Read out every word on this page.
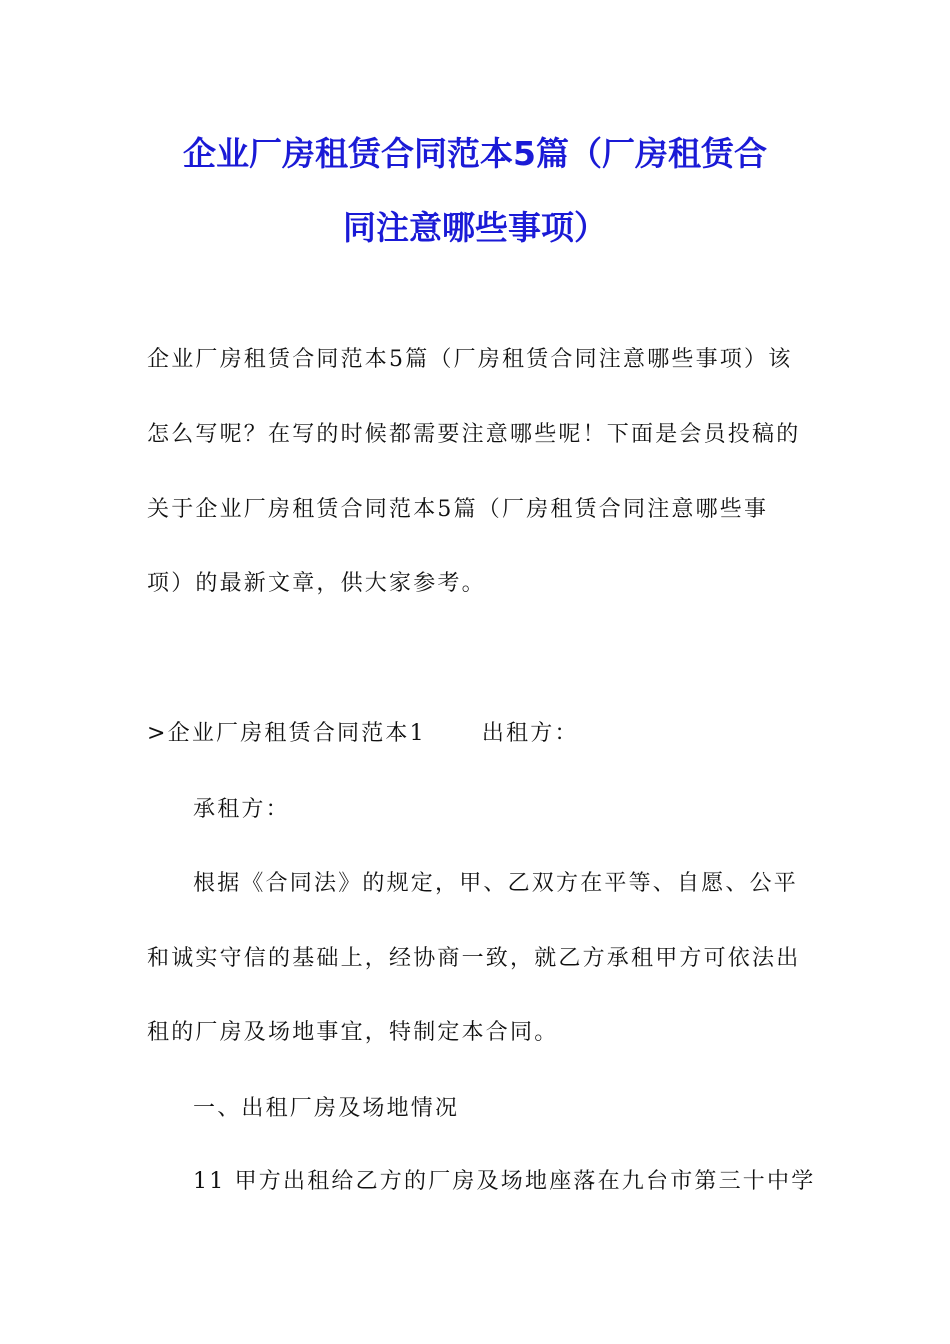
企业厂房租赁合同范本5篇（厂房租赁合
同注意哪些事项）
企业厂房租赁合同范本5篇（厂房租赁合同注意哪些事项）该
怎么写呢？在写的时候都需要注意哪些呢！下面是会员投稿的
关于企业厂房租赁合同范本5篇（厂房租赁合同注意哪些事
项）的最新文章，供大家参考。
>企业厂房租赁合同范本1	出租方：
承租方：
根据《合同法》的规定，甲、乙双方在平等、自愿、公平
和诚实守信的基础上，经协商一致，就乙方承租甲方可依法出
租的厂房及场地事宜，特制定本合同。
一、出租厂房及场地情况
11 甲方出租给乙方的厂房及场地座落在九台市第三十中学
